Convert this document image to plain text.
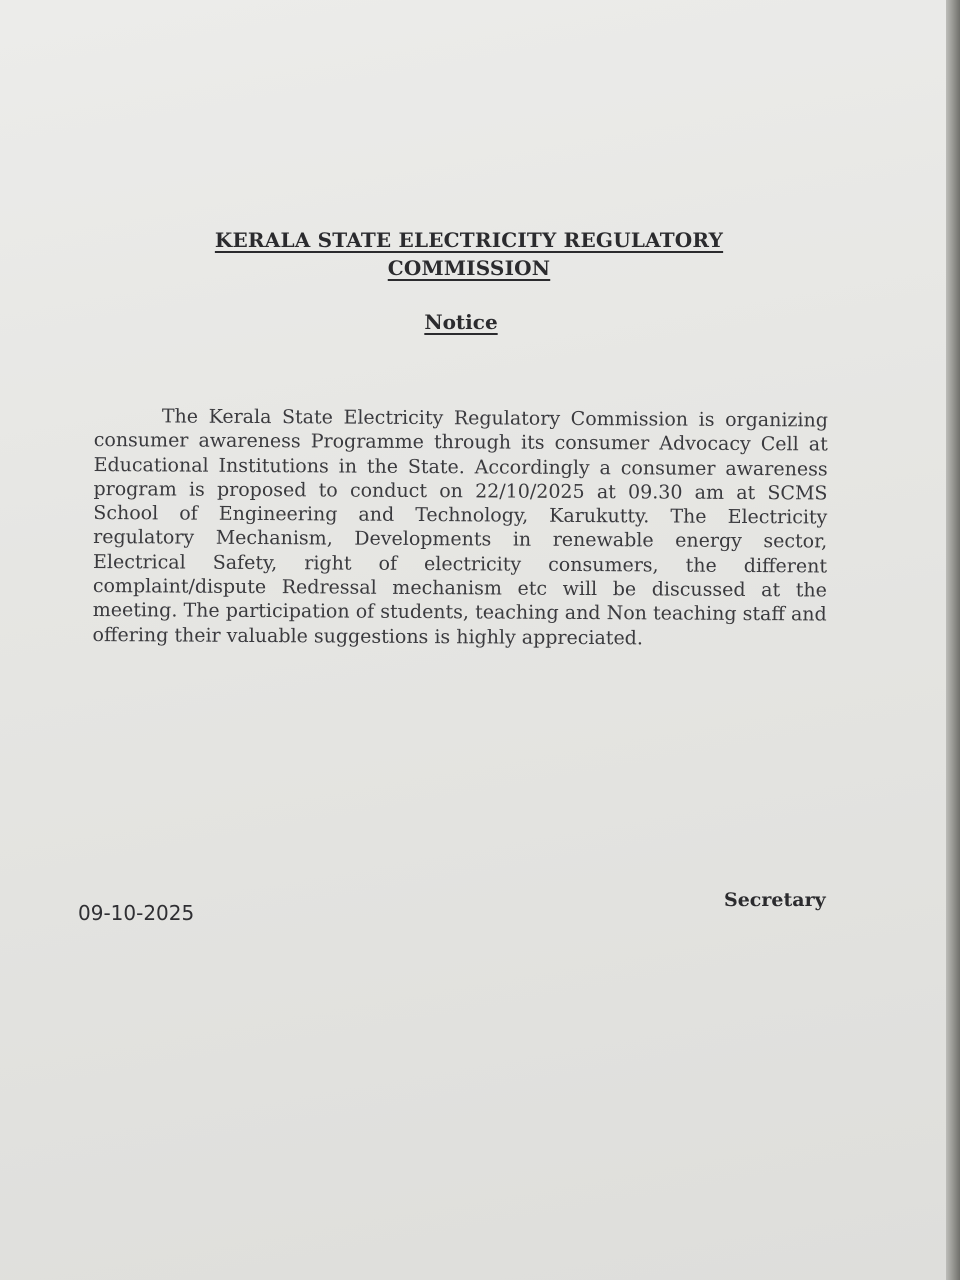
KERALA STATE ELECTRICITY REGULATORY COMMISSION
Notice

The Kerala State Electricity Regulatory Commission is organizing consumer awareness Programme through its consumer Advocacy Cell at Educational Institutions in the State. Accordingly a consumer awareness program is proposed to conduct on 22/10/2025 at 09.30 am at SCMS School of Engineering and Technology, Karukutty. The Electricity regulatory Mechanism, Developments in renewable energy sector, Electrical Safety, right of electricity consumers, the different complaint/dispute Redressal mechanism etc will be discussed at the meeting. The participation of students, teaching and Non teaching staff and offering their valuable suggestions is highly appreciated.

09-10-2025
Secretary
